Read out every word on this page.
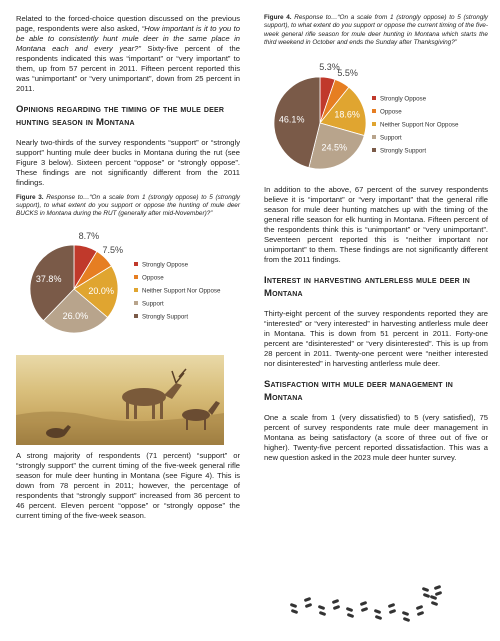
Related to the forced-choice question discussed on the previous page, respondents were also asked, “How important is it to you to be able to consistently hunt mule deer in the same place in Montana each and every year?” Sixty-five percent of the respondents indicated this was “important” or “very important” to them, up from 57 percent in 2011. Fifteen percent reported this was “unimportant” or “very unimportant”, down from 25 percent in 2011.

Opinions regarding the timing of the mule deer hunting season in Montana

Nearly two-thirds of the survey respondents “support” or “strongly support” hunting mule deer bucks in Montana during the rut (see Figure 3 below). Sixteen percent “oppose” or “strongly oppose”. These findings are not significantly different from the 2011 findings.

Figure 3. Response to…“On a scale from 1 (strongly oppose) to 5 (strongly support), to what extent do you support or oppose the hunting of mule deer BUCKS in Montana during the RUT (generally after mid-November)?”
8.7%
7.5%
20.0%
26.0%
37.8%
Strongly Oppose
Oppose
Neither Support Nor Oppose
Support
Strongly Support

A strong majority of respondents (71 percent) “support” or “strongly support” the current timing of the five-week general rifle season for mule deer hunting in Montana (see Figure 4). This is down from 78 percent in 2011; however, the percentage of respondents that “strongly support” increased from 36 percent to 46 percent. Eleven percent “oppose” or “strongly oppose” the current timing of the five-week season.

Figure 4. Response to…“On a scale from 1 (strongly oppose) to 5 (strongly support), to what extent do you support or oppose the current timing of the five-week general rifle season for mule deer hunting in Montana which starts the third weekend in October and ends the Sunday after Thanksgiving?”
5.3%
5.5%
18.6%
24.5%
46.1%
Strongly Oppose
Oppose
Neither Support Nor Oppose
Support
Strongly Support

In addition to the above, 67 percent of the survey respondents believe it is “important” or “very important” that the general rifle season for mule deer hunting matches up with the timing of the general rifle season for elk hunting in Montana. Fifteen percent of the respondents think this is “unimportant” or “very unimportant”. Seventeen percent reported this is “neither important nor unimportant” to them. These findings are not significantly different from the 2011 findings.

Interest in harvesting antlerless mule deer in Montana

Thirty-eight percent of the survey respondents reported they are “interested” or “very interested” in harvesting antlerless mule deer in Montana. This is down from 51 percent in 2011. Forty-one percent are “disinterested” or “very disinterested”. This is up from 28 percent in 2011. Twenty-one percent were “neither interested nor disinterested” in harvesting antlerless mule deer.

Satisfaction with mule deer management in Montana

One a scale from 1 (very dissatisfied) to 5 (very satisfied), 75 percent of survey respondents rate mule deer management in Montana as being satisfactory (a score of three out of five or higher). Twenty-five percent reported dissatisfaction. This was a new question asked in the 2023 mule deer hunter survey.
